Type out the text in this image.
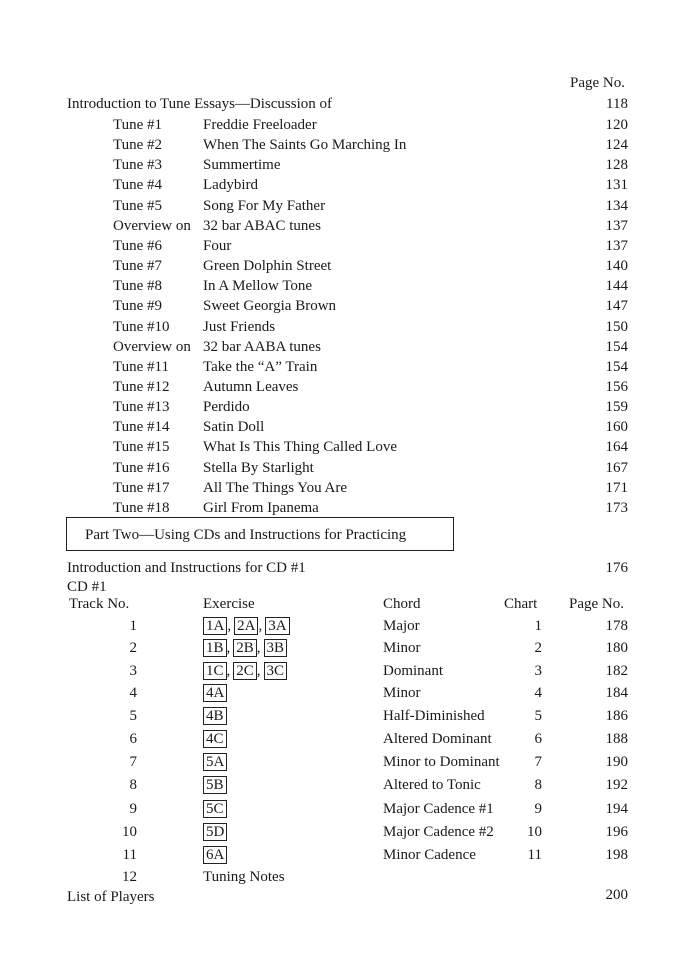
Page No.
Introduction to Tune Essays—Discussion of	118
Tune #1	Freddie Freeloader	120
Tune #2	When The Saints Go Marching In	124
Tune #3	Summertime	128
Tune #4	Ladybird	131
Tune #5	Song For My Father	134
Overview on 32 bar ABAC tunes	137
Tune #6	Four	137
Tune #7	Green Dolphin Street	140
Tune #8	In A Mellow Tone	144
Tune #9	Sweet Georgia Brown	147
Tune #10 Just Friends	150
Overview on 32 bar AABA tunes	154
Tune #11 Take the “A” Train	154
Tune #12 Autumn Leaves	156
Tune #13 Perdido	159
Tune #14 Satin Doll	160
Tune #15 What Is This Thing Called Love	164
Tune #16 Stella By Starlight	167
Tune #17 All The Things You Are	171
Tune #18 Girl From Ipanema	173
Part Two—Using CDs and Instructions for Practicing
Introduction and Instructions for CD #1	176
CD #1
Track No.	Exercise	Chord	Chart Page No.
1	1A , 2A , 3A	Major	1	178
2	1B , 2B , 3B	Minor	2	180
3	1C , 2C , 3C	Dominant	3	182
4	4A	Minor	4	184
5	4B	Half-Diminished	5	186
6	4C	Altered Dominant	6	188
7	5A	Minor to Dominant	7	190
8	5B	Altered to Tonic	8	192
9	5C	Major Cadence #1	9	194
10	5D	Major Cadence #2	10	196
11	6A	Minor Cadence	11	198
12	Tuning Notes
List of Players	200
